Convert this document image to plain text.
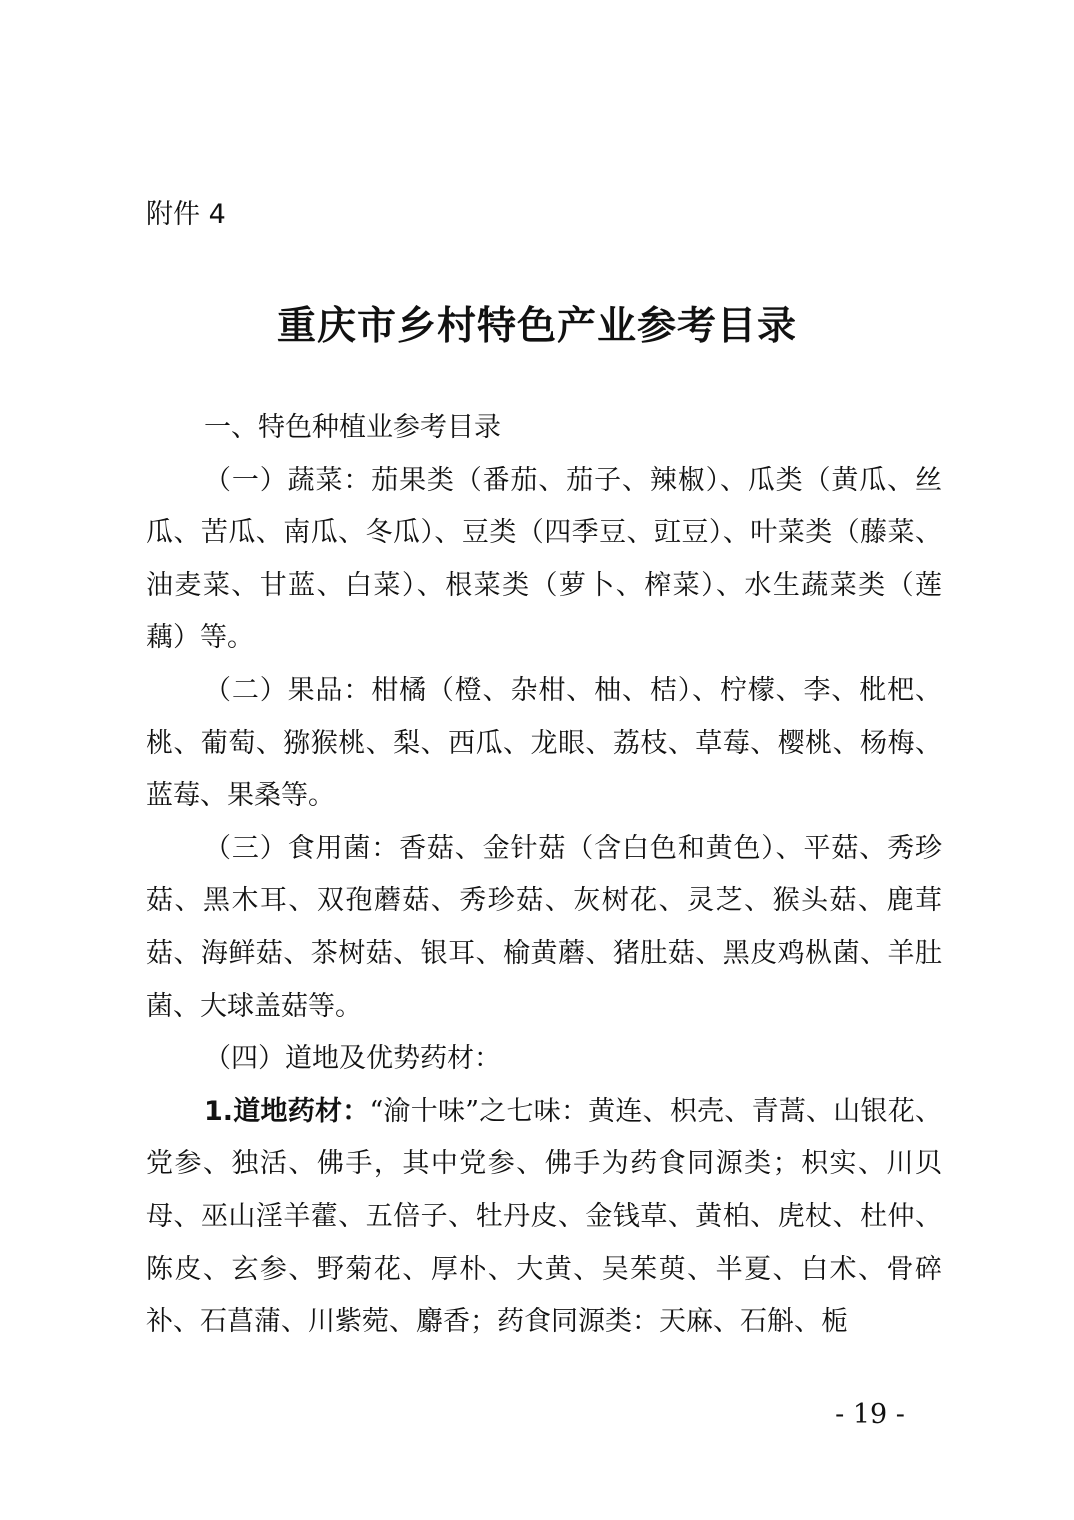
附件 4
重庆市乡村特色产业参考目录

一、特色种植业参考目录

（一）蔬菜：茄果类（番茄、茄子、辣椒）、瓜类（黄瓜、丝瓜、苦瓜、南瓜、冬瓜）、豆类（四季豆、豇豆）、叶菜类（藤菜、油麦菜、甘蓝、白菜）、根菜类（萝卜、榨菜）、水生蔬菜类（莲藕）等。

（二）果品：柑橘（橙、杂柑、柚、桔）、柠檬、李、枇杷、桃、葡萄、猕猴桃、梨、西瓜、龙眼、荔枝、草莓、樱桃、杨梅、蓝莓、果桑等。

（三）食用菌：香菇、金针菇（含白色和黄色）、平菇、秀珍菇、黑木耳、双孢蘑菇、秀珍菇、灰树花、灵芝、猴头菇、鹿茸菇、海鲜菇、茶树菇、银耳、榆黄蘑、猪肚菇、黑皮鸡枞菌、羊肚菌、大球盖菇等。

（四）道地及优势药材：

1.道地药材：“渝十味”之七味：黄连、枳壳、青蒿、山银花、党参、独活、佛手，其中党参、佛手为药食同源类；枳实、川贝母、巫山淫羊藿、五倍子、牡丹皮、金钱草、黄柏、虎杖、杜仲、陈皮、玄参、野菊花、厚朴、大黄、吴茱萸、半夏、白术、骨碎补、石菖蒲、川紫菀、麝香；药食同源类：天麻、石斛、栀

- 19 -
